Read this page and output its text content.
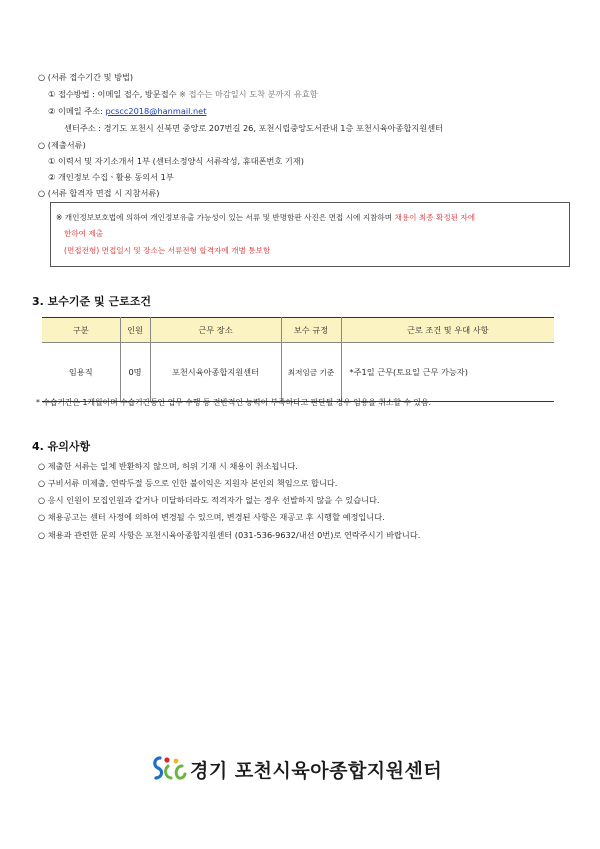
○ (서류 접수기간 및 방법)
① 접수방법 : 이메일 접수, 방문접수 ※ 접수는 마감일시 도착 분까지 유효함
② 이메일 주소: pcscc2018@hanmail.net
센터주소 : 경기도 포천시 신북면 중앙로 207번길 26, 포천시립중앙도서관내 1층 포천시육아종합지원센터
○ (제출서류)
① 이력서 및 자기소개서 1부 (센터소정양식 서류작성, 휴대폰번호 기재)
② 개인정보 수집ㆍ활용 동의서 1부
○ (서류 합격자 면접 시 지참서류)
※ 개인정보보호법에 의하여 개인정보유출 가능성이 있는 서류 및 반명함판 사진은 면접 시에 지참하며 채용이 최종 확정된 자에
한하여 제출
(면접전형) 면접일시 및 장소는 서류전형 합격자에 개별 통보함
3. 보수기준 및 근로조건
구분	인원	근무 장소	보수 규정	근로 조건 및 우대 사항
임용직	0명	포천시육아종합지원센터	최저임금 기준	*주1일 근무(토요일 근무 가능자)
* 수습기간은 1개월이며 수습기간동안 업무 수행 등 전반적인 능력이 부족하다고 판단될 경우 임용을 취소할 수 있음.
4. 유의사항
○ 제출한 서류는 일체 반환하지 않으며, 허위 기재 시 채용이 취소됩니다.
○ 구비서류 미제출, 연락두절 등으로 인한 불이익은 지원자 본인의 책임으로 합니다.
○ 응시 인원이 모집인원과 같거나 미달하더라도 적격자가 없는 경우 선발하지 않을 수 있습니다.
○ 채용공고는 센터 사정에 의하여 변경될 수 있으며, 변경된 사항은 재공고 후 시행할 예정입니다.
○ 채용과 관련한 문의 사항은 포천시육아종합지원센터 (031-536-9632/내선 0번)로 연락주시기 바랍니다.
경기 포천시육아종합지원센터
